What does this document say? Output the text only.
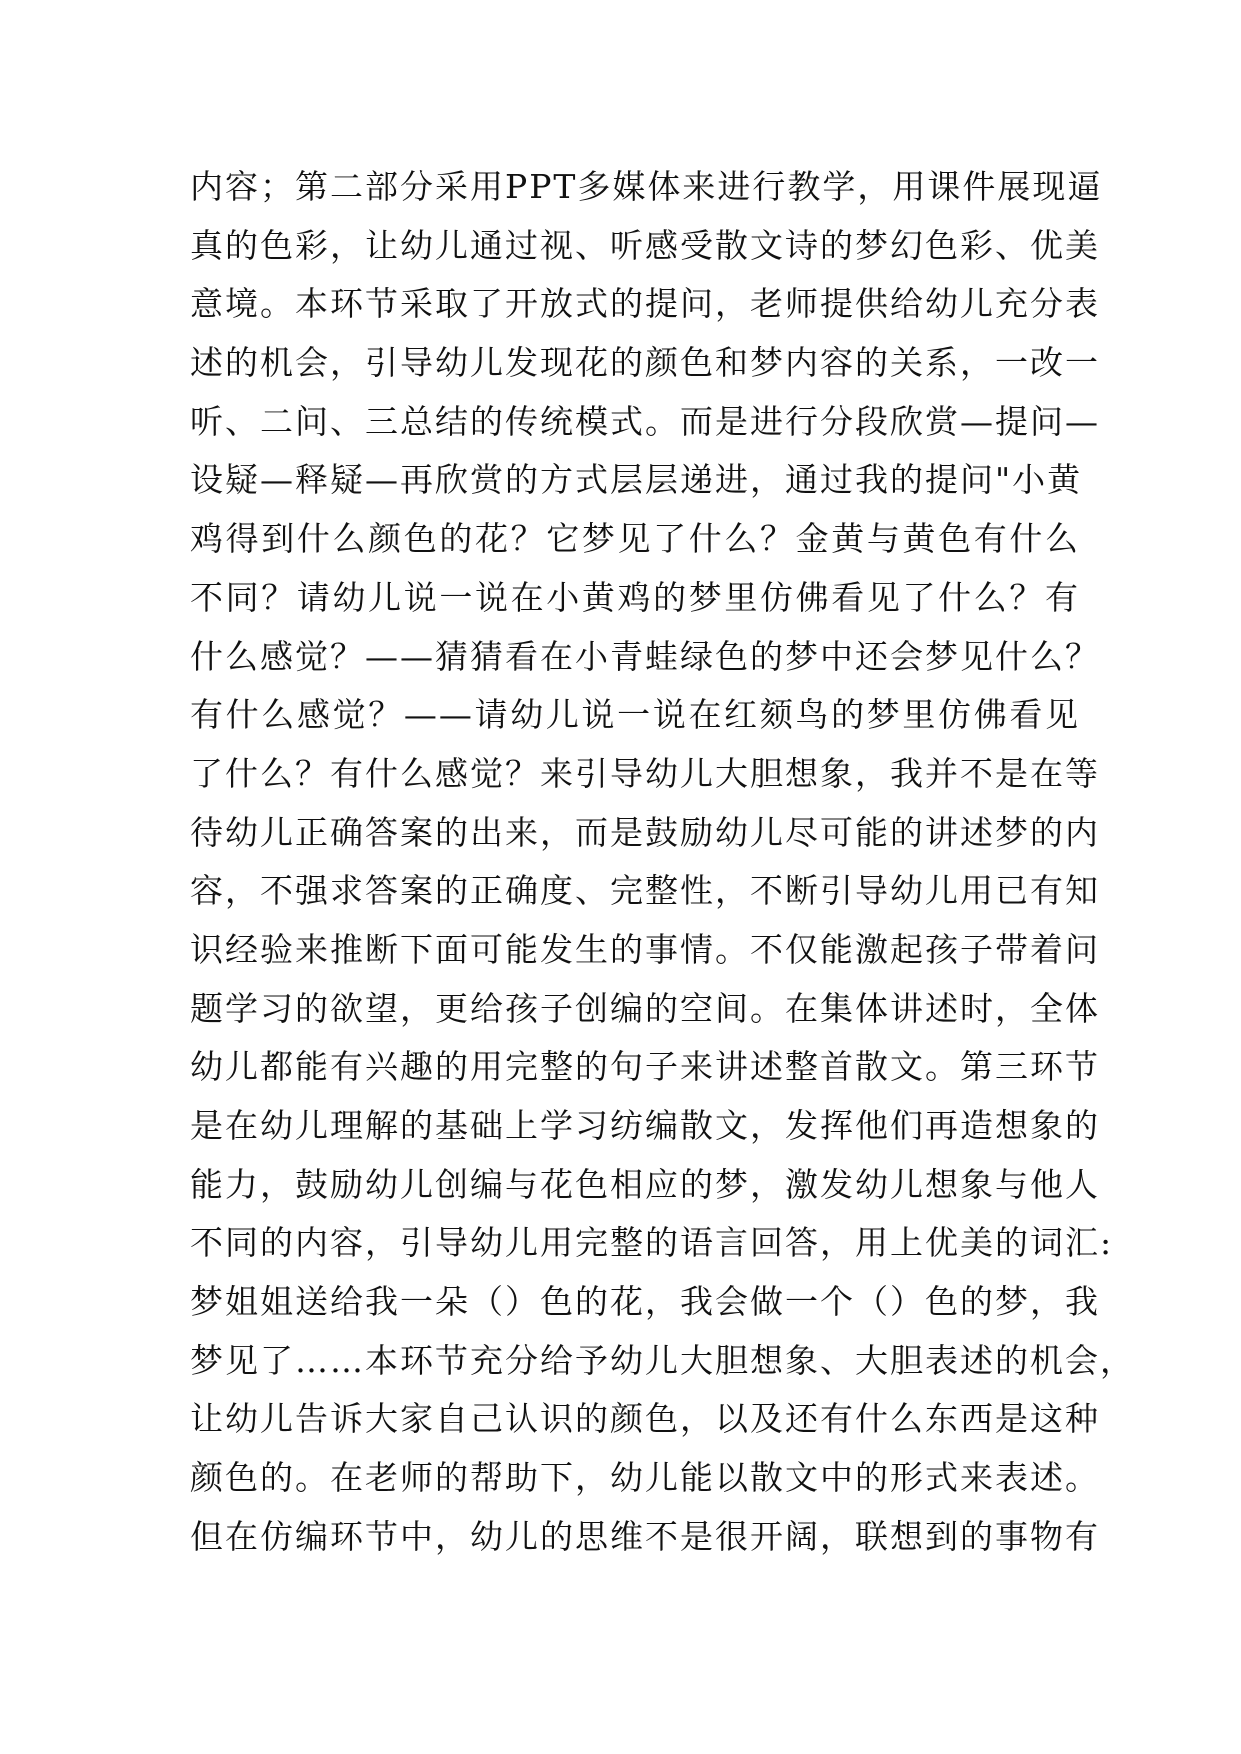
内容；第二部分采用PPT多媒体来进行教学，用课件展现逼
真的色彩，让幼儿通过视、听感受散文诗的梦幻色彩、优美
意境。本环节采取了开放式的提问，老师提供给幼儿充分表
述的机会，引导幼儿发现花的颜色和梦内容的关系，一改一
听、二问、三总结的传统模式。而是进行分段欣赏—提问—
设疑—释疑—再欣赏的方式层层递进，通过我的提问"小黄
鸡得到什么颜色的花？它梦见了什么？金黄与黄色有什么
不同？请幼儿说一说在小黄鸡的梦里仿佛看见了什么？有
什么感觉？——猜猜看在小青蛙绿色的梦中还会梦见什么？
有什么感觉？——请幼儿说一说在红颏鸟的梦里仿佛看见
了什么？有什么感觉？来引导幼儿大胆想象，我并不是在等
待幼儿正确答案的出来，而是鼓励幼儿尽可能的讲述梦的内
容，不强求答案的正确度、完整性，不断引导幼儿用已有知
识经验来推断下面可能发生的事情。不仅能激起孩子带着问
题学习的欲望，更给孩子创编的空间。在集体讲述时，全体
幼儿都能有兴趣的用完整的句子来讲述整首散文。第三环节
是在幼儿理解的基础上学习纺编散文，发挥他们再造想象的
能力，鼓励幼儿创编与花色相应的梦，激发幼儿想象与他人
不同的内容，引导幼儿用完整的语言回答，用上优美的词汇:
梦姐姐送给我一朵（）色的花，我会做一个（）色的梦，我
梦见了……本环节充分给予幼儿大胆想象、大胆表述的机会，
让幼儿告诉大家自己认识的颜色，以及还有什么东西是这种
颜色的。在老师的帮助下，幼儿能以散文中的形式来表述。
但在仿编环节中，幼儿的思维不是很开阔，联想到的事物有
